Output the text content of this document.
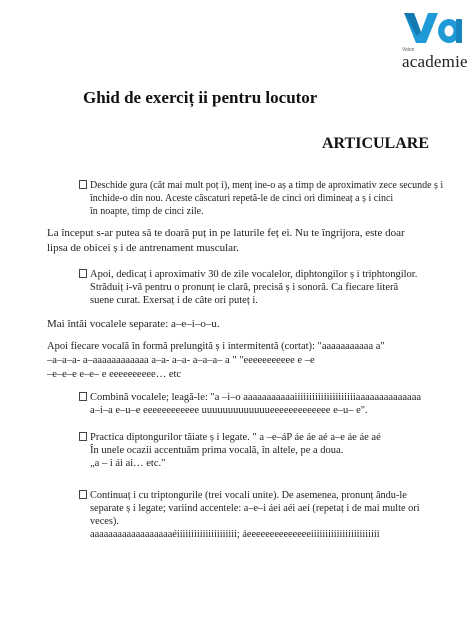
Voice
academie
Ghid de exerciț ii pentru locutor
ARTICULARE
Deschide gura (cât mai mult poț i), menț ine-o aș a timp de aproximativ zece secunde ș i
închide-o din nou. Aceste căscaturi repetă-le de cinci ori dimineaț a ș i cinci
în noapte, timp de cinci zile.
La început s-ar putea să te doară puț in pe laturile feț ei. Nu te îngrijora, este doar
lipsa de obicei ș i de antrenament muscular.
Apoi, dedicaț i aproximativ 30 de zile vocalelor, diphtongilor ș i triphtongilor.
Străduiț i-vă pentru o pronunț ie clară, precisă ș i sonoră. Ca fiecare literă
suene curat. Exersaț i de câte ori puteț i.
Mai întâi vocalele separate: a–e–i–o–u.
Apoi fiecare vocală în formă prelungită ș i intermitentă (cortat): "aaaaaaaaaaa a"
–a–a–a- a–aaaaaaaaaaaa a–a- a–a- a–a–a– a " "eeeeeeeeeee e –e
–e–e–e e–e– e eeeeeeeeee… etc
Combină vocalele; leagă-le: "a –i–o aaaaaaaaaaaiiiiiiiiiiiiiiiiiiiiiaaaaaaaaaaaaaa
a–i–a e–u–e eeeeeeeeeeee uuuuuuuuuuuuueeeeeeeeeeeee e–u– e".
Practica diptongurilor tăiate ș i legate. " a –e–áP áe áe aé a–e áe áe aé
În unele ocazii accentuăm prima vocală, în altele, pe a doua.
„a – i ái ai… etc."
Continuaț i cu triptongurile (trei vocali unite). De asemenea, pronunț ându-le
separate ș i legate; variind accentele: a–e–i áei aéi aeí (repetaț i de mai multe ori
veces).
aaaaaaaaaaaaaaaaaaéiiiiiiiiiiiiiiiiiiiii; áeeeeeeeeeeeeeeiiiiiiiiiiiiiiiiiiiiiiii
